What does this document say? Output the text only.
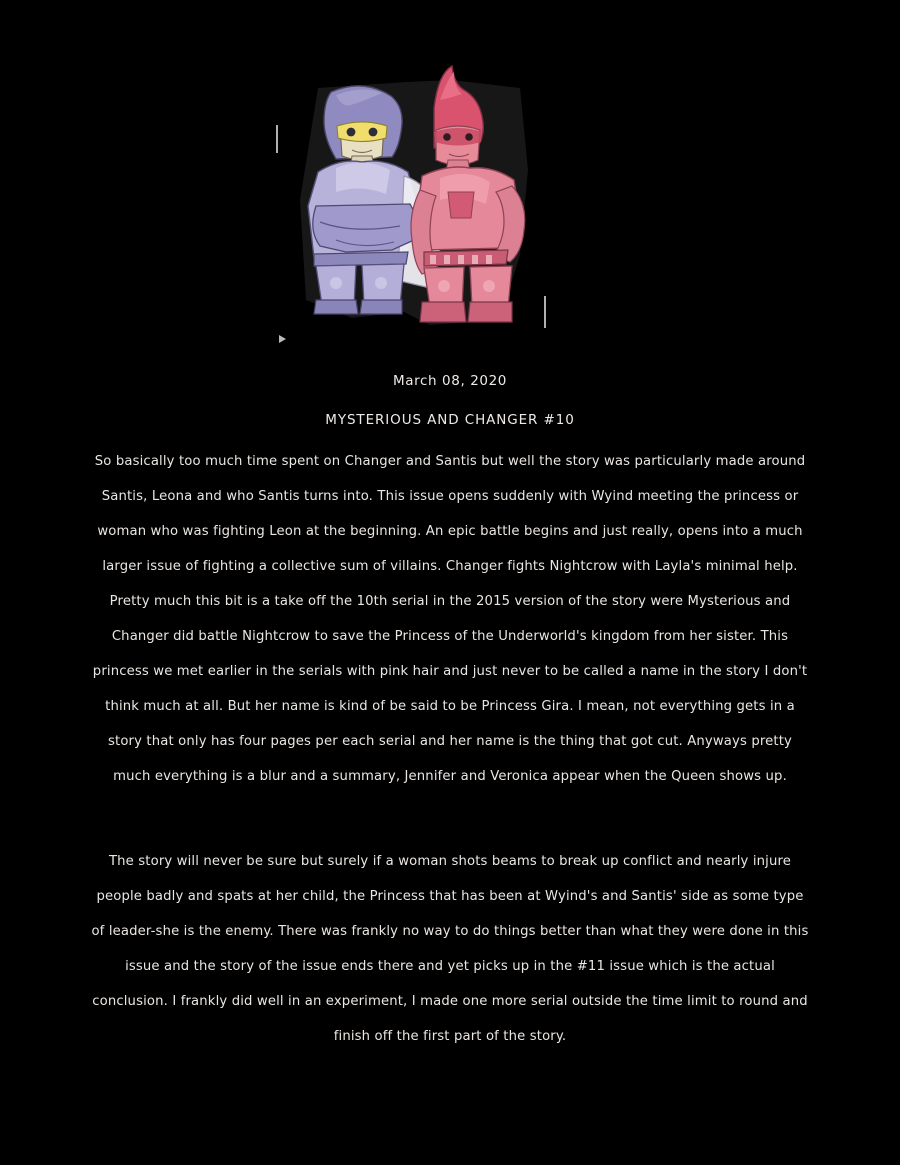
March 08, 2020
MYSTERIOUS AND CHANGER #10

So basically too much time spent on Changer and Santis but well the story was particularly made around Santis, Leona and who Santis turns into. This issue opens suddenly with Wyind meeting the princess or woman who was fighting Leon at the beginning. An epic battle begins and just really, opens into a much larger issue of fighting a collective sum of villains. Changer fights Nightcrow with Layla's minimal help. Pretty much this bit is a take off the 10th serial in the 2015 version of the story were Mysterious and Changer did battle Nightcrow to save the Princess of the Underworld's kingdom from her sister. This princess we met earlier in the serials with pink hair and just never to be called a name in the story I don't think much at all. But her name is kind of be said to be Princess Gira. I mean, not everything gets in a story that only has four pages per each serial and her name is the thing that got cut. Anyways pretty much everything is a blur and a summary, Jennifer and Veronica appear when the Queen shows up.

The story will never be sure but surely if a woman shots beams to break up conflict and nearly injure people badly and spats at her child, the Princess that has been at Wyind's and Santis' side as some type of leader-she is the enemy. There was frankly no way to do things better than what they were done in this issue and the story of the issue ends there and yet picks up in the #11 issue which is the actual conclusion. I frankly did well in an experiment, I made one more serial outside the time limit to round and finish off the first part of the story.
